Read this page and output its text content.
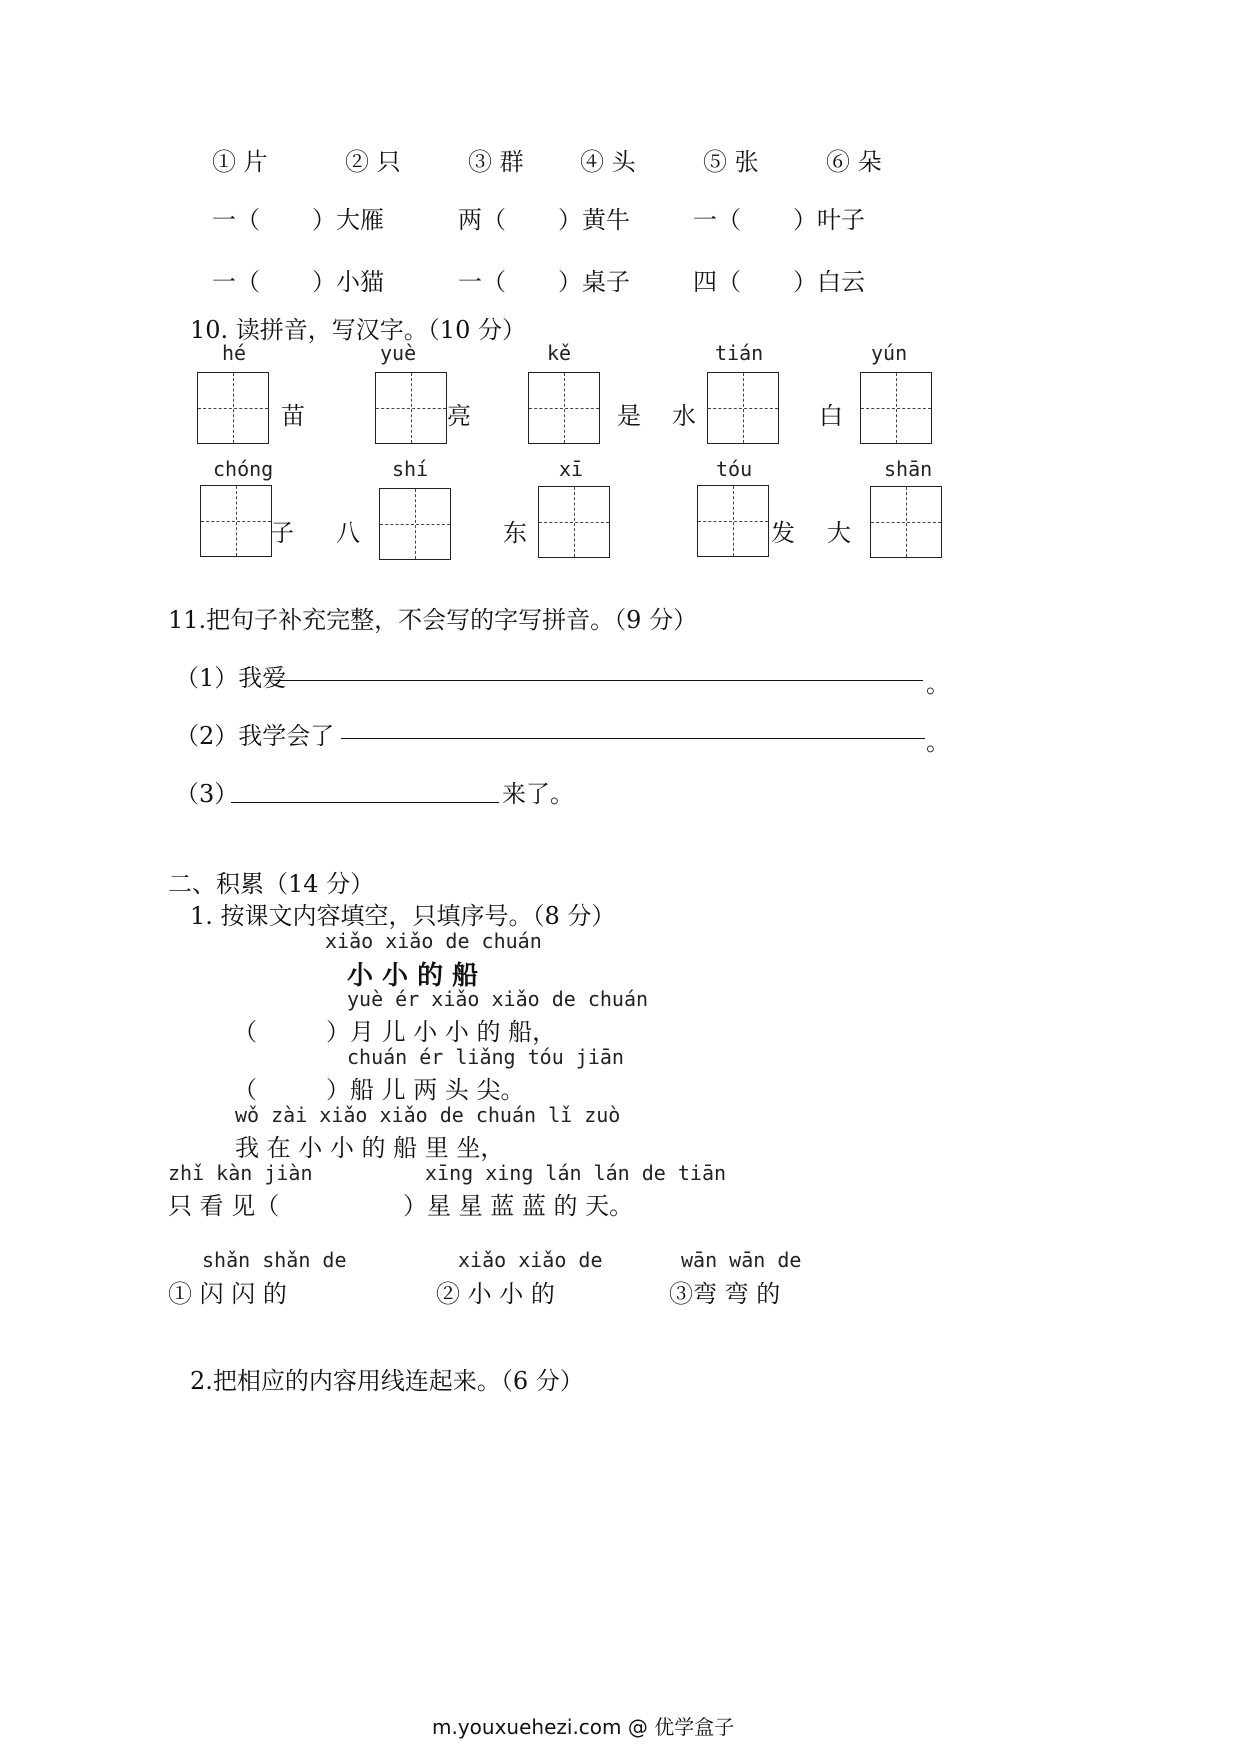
① 片	② 只	③ 群 ④ 头	⑤ 张	⑥ 朵
一（ ）大雁	两（ ）黄牛	一（ ）叶子
一（ ）小猫	一（ ）桌子	四（ ）白云
10. 读拼音，写汉字。（10 分）
hé	yuè	kě	tián	yún
苗	亮	是 水	白
chóng	shí	xī	tóu	shān
子 八	东	发 大
11.把句子补充完整，不会写的字写拼音。（9 分）
（1）我爱	。
（2）我学会了	。
（3）	来了。
二、积累（14 分）
1. 按课文内容填空，只填序号。（8 分）
xiǎo xiǎo de chuán
小 小 的 船
yuè ér xiǎo xiǎo de chuán
（	）月 儿 小 小 的 船，
chuán ér liǎng tóu jiān
（	）船 儿 两 头 尖。
wǒ zài xiǎo xiǎo de chuán lǐ zuò
我 在 小 小 的 船 里 坐，
zhǐ kàn jiàn	xīng xing lán lán de tiān
只 看 见（	）星 星 蓝 蓝 的 天。
shǎn shǎn de	xiǎo xiǎo de	wān wān de
① 闪 闪 的	② 小 小 的	③弯 弯 的
2.把相应的内容用线连起来。（6 分）
m.youxuehezi.com @ 优学盒子
